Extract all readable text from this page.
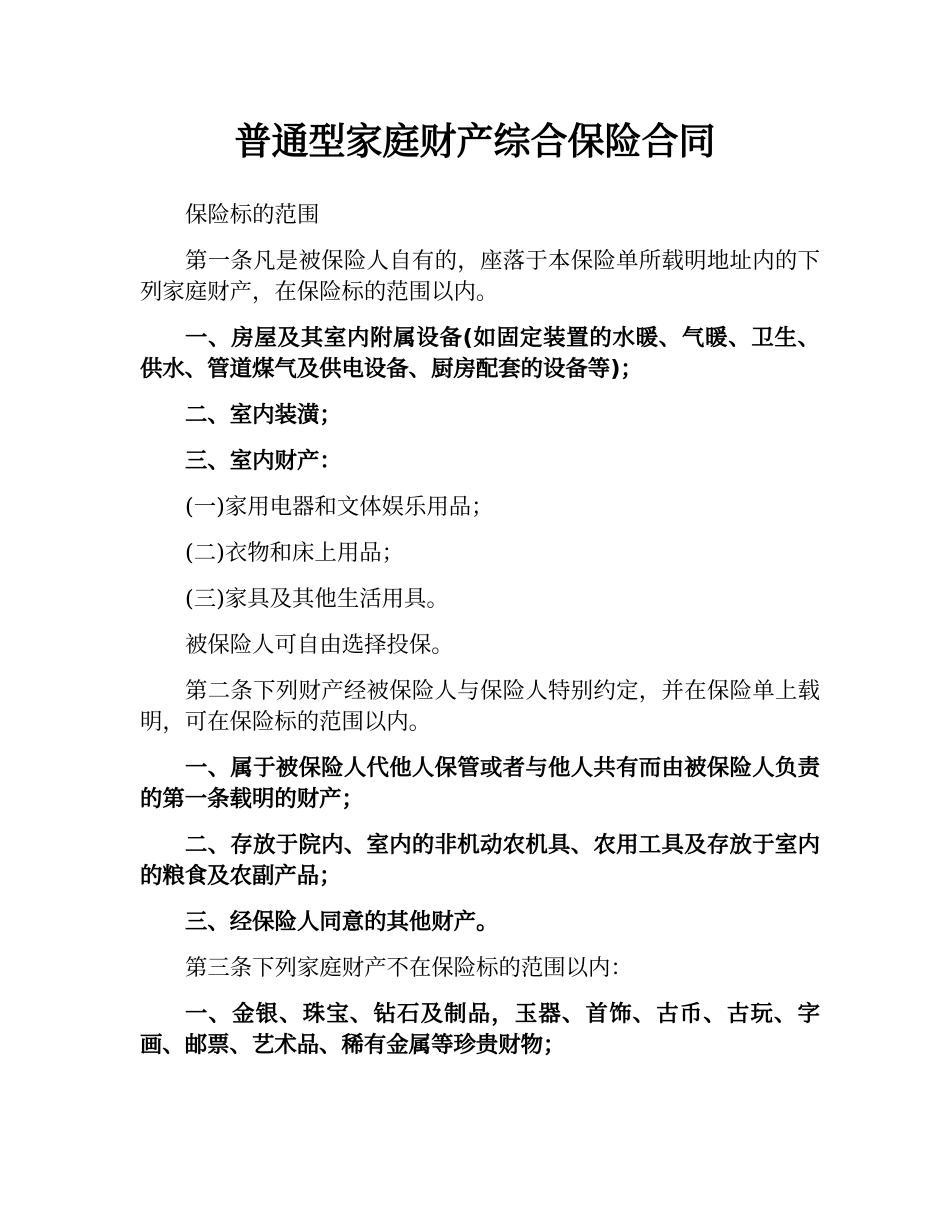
普通型家庭财产综合保险合同

保险标的范围

第一条凡是被保险人自有的，座落于本保险单所载明地址内的下列家庭财产，在保险标的范围以内。

一、房屋及其室内附属设备(如固定装置的水暖、气暖、卫生、供水、管道煤气及供电设备、厨房配套的设备等)；

二、室内装潢；

三、室内财产：

(一)家用电器和文体娱乐用品；

(二)衣物和床上用品；

(三)家具及其他生活用具。

被保险人可自由选择投保。

第二条下列财产经被保险人与保险人特别约定，并在保险单上载明，可在保险标的范围以内。

一、属于被保险人代他人保管或者与他人共有而由被保险人负责的第一条载明的财产；

二、存放于院内、室内的非机动农机具、农用工具及存放于室内的粮食及农副产品；

三、经保险人同意的其他财产。

第三条下列家庭财产不在保险标的范围以内：

一、金银、珠宝、钻石及制品，玉器、首饰、古币、古玩、字画、邮票、艺术品、稀有金属等珍贵财物；
